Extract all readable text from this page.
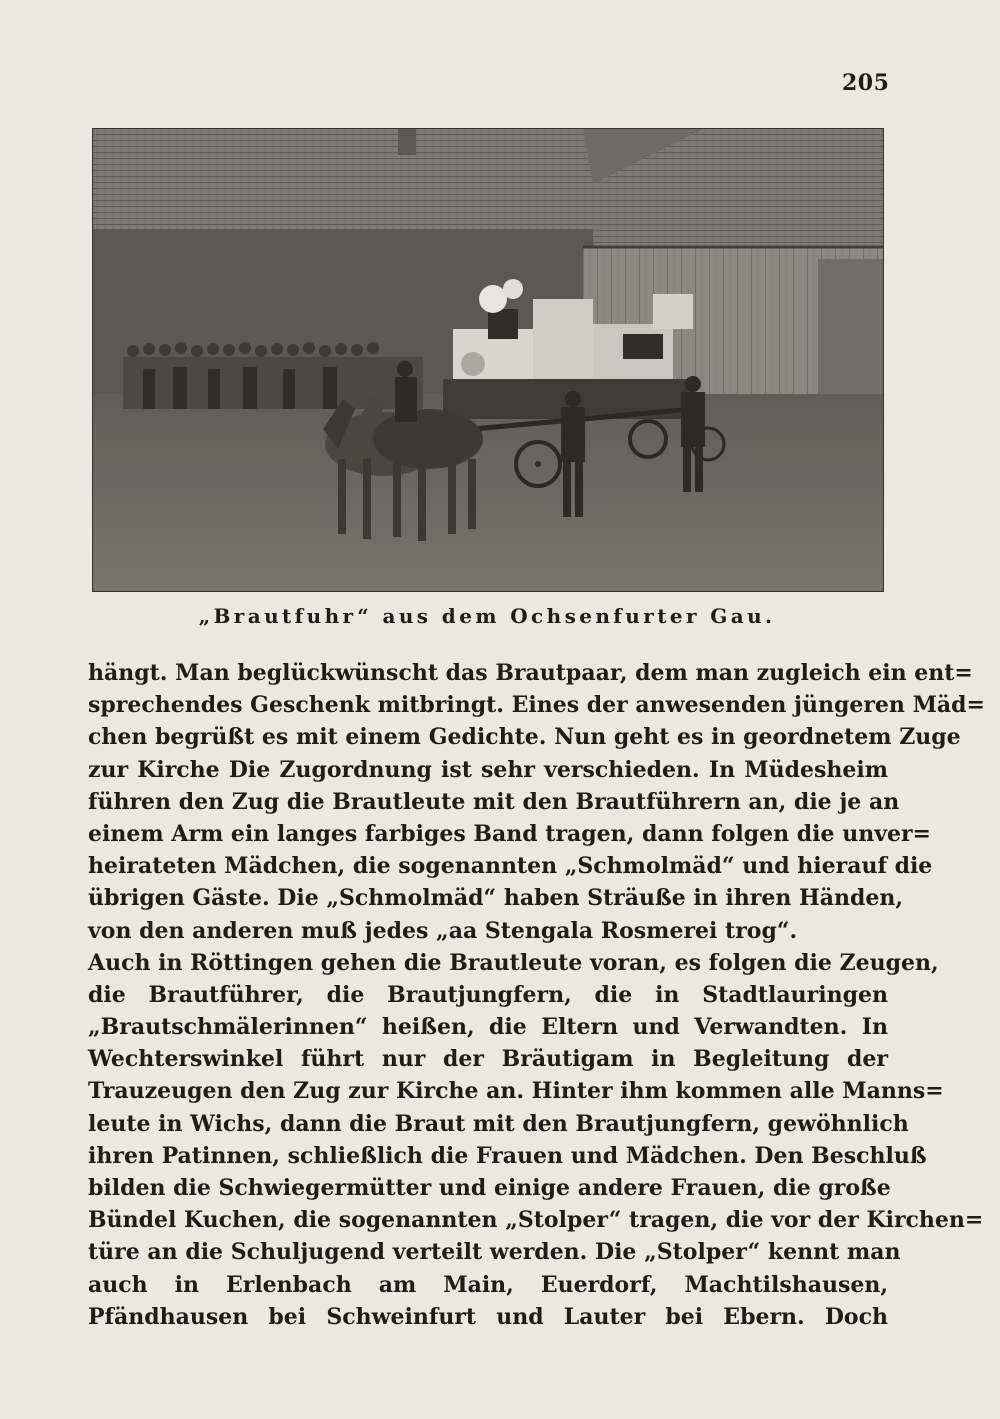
205
„Brautfuhr“ aus dem Ochsenfurter Gau.
hängt. Man beglückwünscht das Brautpaar, dem man zugleich ein ent=
sprechendes Geschenk mitbringt. Eines der anwesenden jüngeren Mäd=
chen begrüßt es mit einem Gedichte. Nun geht es in geordnetem Zuge
zur Kirche Die Zugordnung ist sehr verschieden. In Müdesheim
führen den Zug die Brautleute mit den Brautführern an, die je an
einem Arm ein langes farbiges Band tragen, dann folgen die unver=
heirateten Mädchen, die sogenannten „Schmolmäd“ und hierauf die
übrigen Gäste. Die „Schmolmäd“ haben Sträuße in ihren Händen,
von den anderen muß jedes „aa Stengala Rosmerei trog“.
Auch in Röttingen gehen die Brautleute voran, es folgen die Zeugen,
die Brautführer, die Brautjungfern, die in Stadtlauringen
„Brautschmälerinnen“ heißen, die Eltern und Verwandten. In
Wechterswinkel führt nur der Bräutigam in Begleitung der
Trauzeugen den Zug zur Kirche an. Hinter ihm kommen alle Manns=
leute in Wichs, dann die Braut mit den Brautjungfern, gewöhnlich
ihren Patinnen, schließlich die Frauen und Mädchen. Den Beschluß
bilden die Schwiegermütter und einige andere Frauen, die große
Bündel Kuchen, die sogenannten „Stolper“ tragen, die vor der Kirchen=
türe an die Schuljugend verteilt werden. Die „Stolper“ kennt man
auch in Erlenbach am Main, Euerdorf, Machtilshausen,
Pfändhausen bei Schweinfurt und Lauter bei Ebern. Doch
